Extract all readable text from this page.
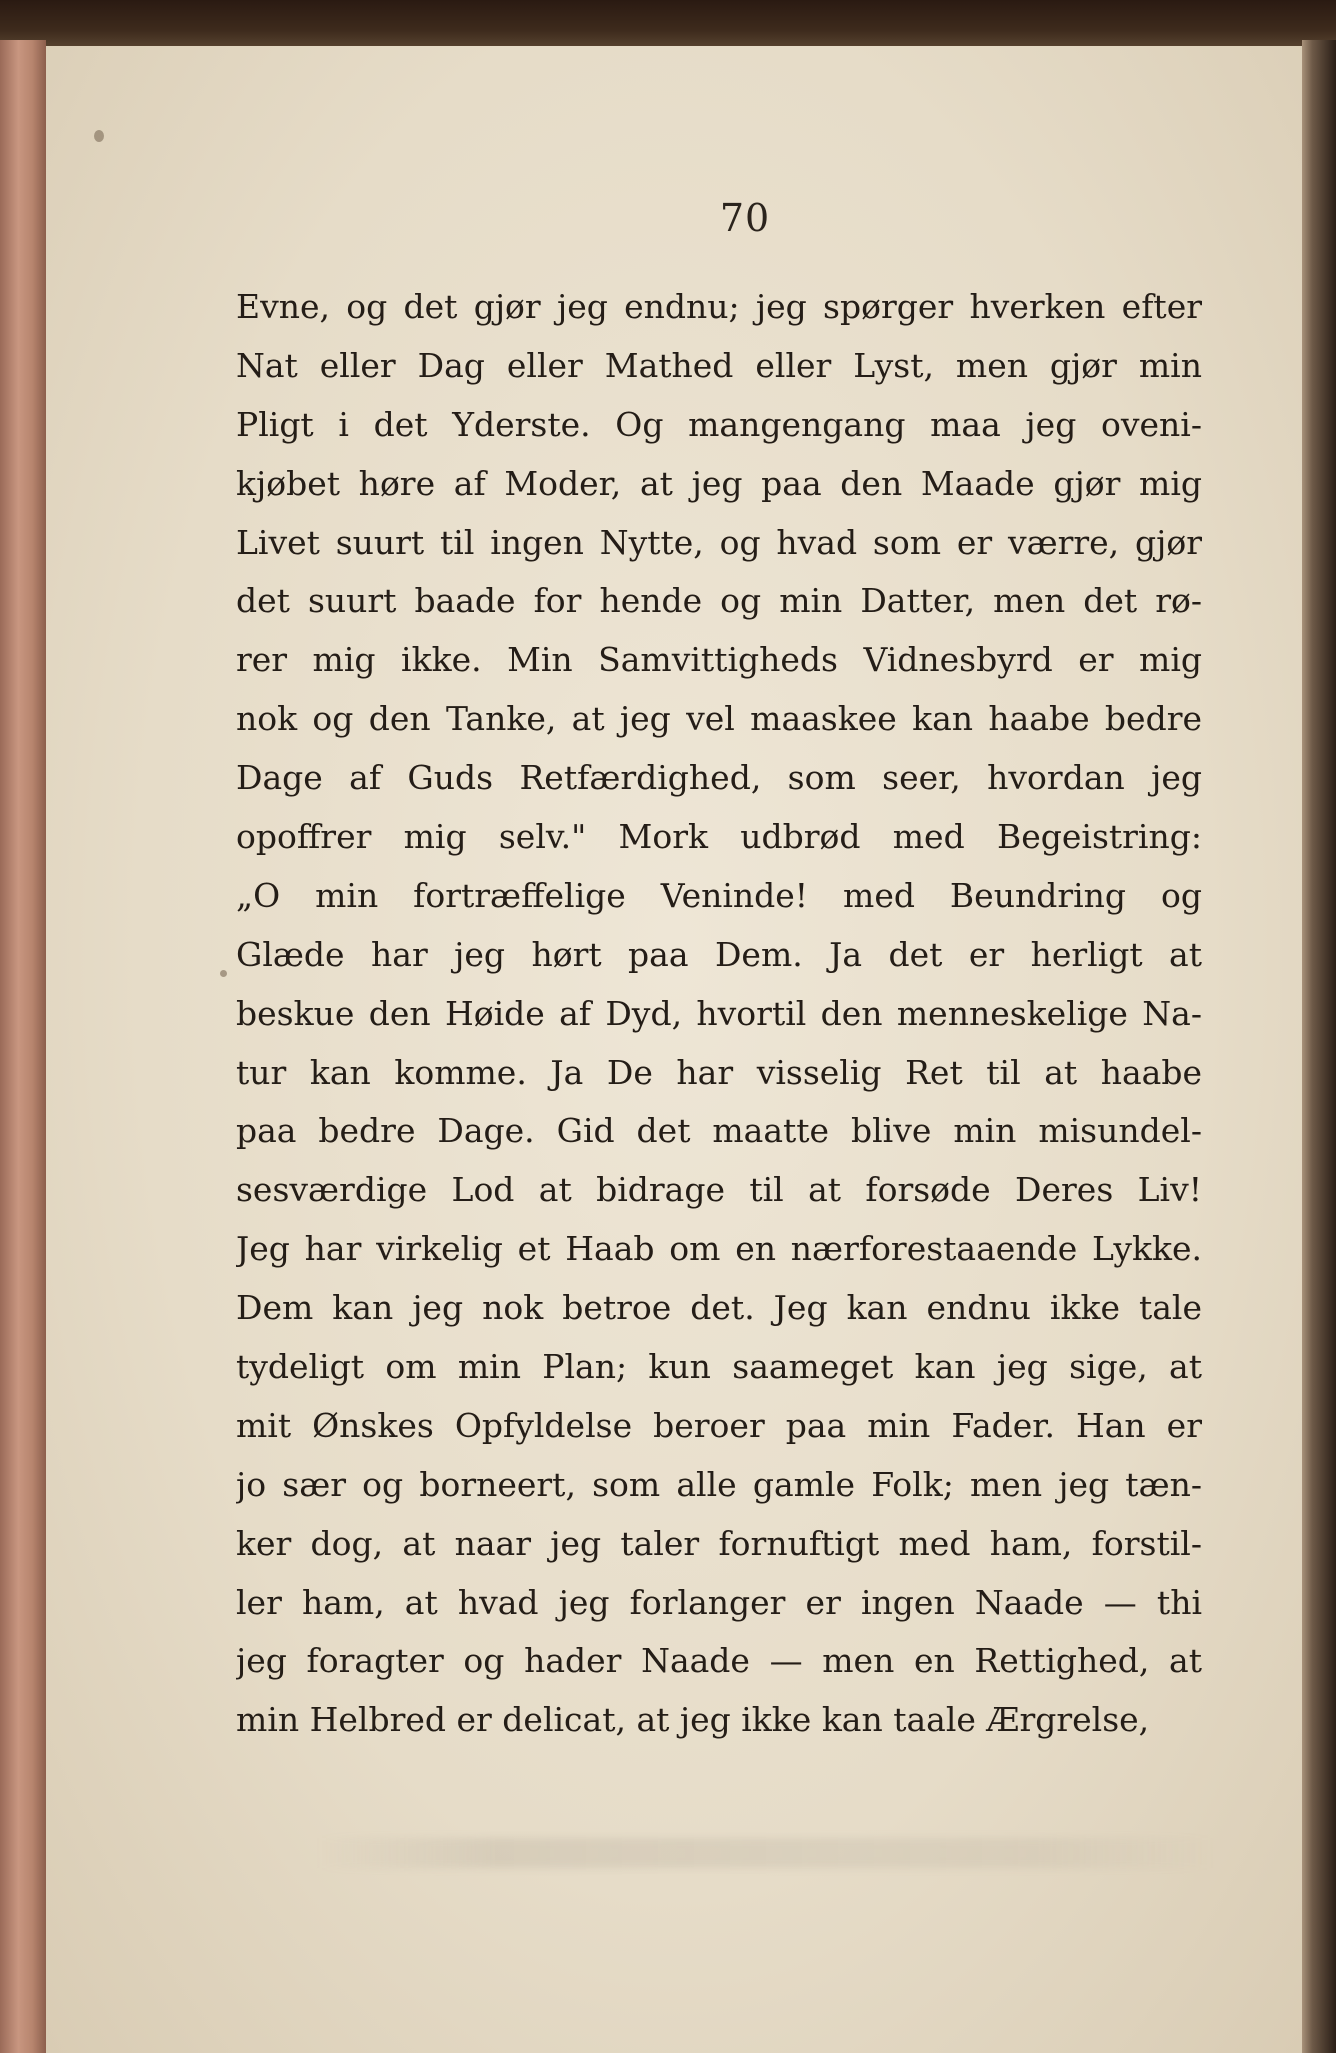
70
Evne, og det gjør jeg endnu; jeg spørger hverken efter
Nat eller Dag eller Mathed eller Lyst, men gjør min
Pligt i det Yderste. Og mangengang maa jeg oveni-
kjøbet høre af Moder, at jeg paa den Maade gjør mig
Livet suurt til ingen Nytte, og hvad som er værre, gjør
det suurt baade for hende og min Datter, men det rø-
rer mig ikke. Min Samvittigheds Vidnesbyrd er mig
nok og den Tanke, at jeg vel maaskee kan haabe bedre
Dage af Guds Retfærdighed, som seer, hvordan jeg
opoffrer mig selv." Mork udbrød med Begeistring:
„O min fortræffelige Veninde! med Beundring og
Glæde har jeg hørt paa Dem. Ja det er herligt at
beskue den Høide af Dyd, hvortil den menneskelige Na-
tur kan komme. Ja De har visselig Ret til at haabe
paa bedre Dage. Gid det maatte blive min misundel-
sesværdige Lod at bidrage til at forsøde Deres Liv!
Jeg har virkelig et Haab om en nærforestaaende Lykke.
Dem kan jeg nok betroe det. Jeg kan endnu ikke tale
tydeligt om min Plan; kun saameget kan jeg sige, at
mit Ønskes Opfyldelse beroer paa min Fader. Han er
jo sær og borneert, som alle gamle Folk; men jeg tæn-
ker dog, at naar jeg taler fornuftigt med ham, forstil-
ler ham, at hvad jeg forlanger er ingen Naade — thi
jeg foragter og hader Naade — men en Rettighed, at
min Helbred er delicat, at jeg ikke kan taale Ærgrelse,
